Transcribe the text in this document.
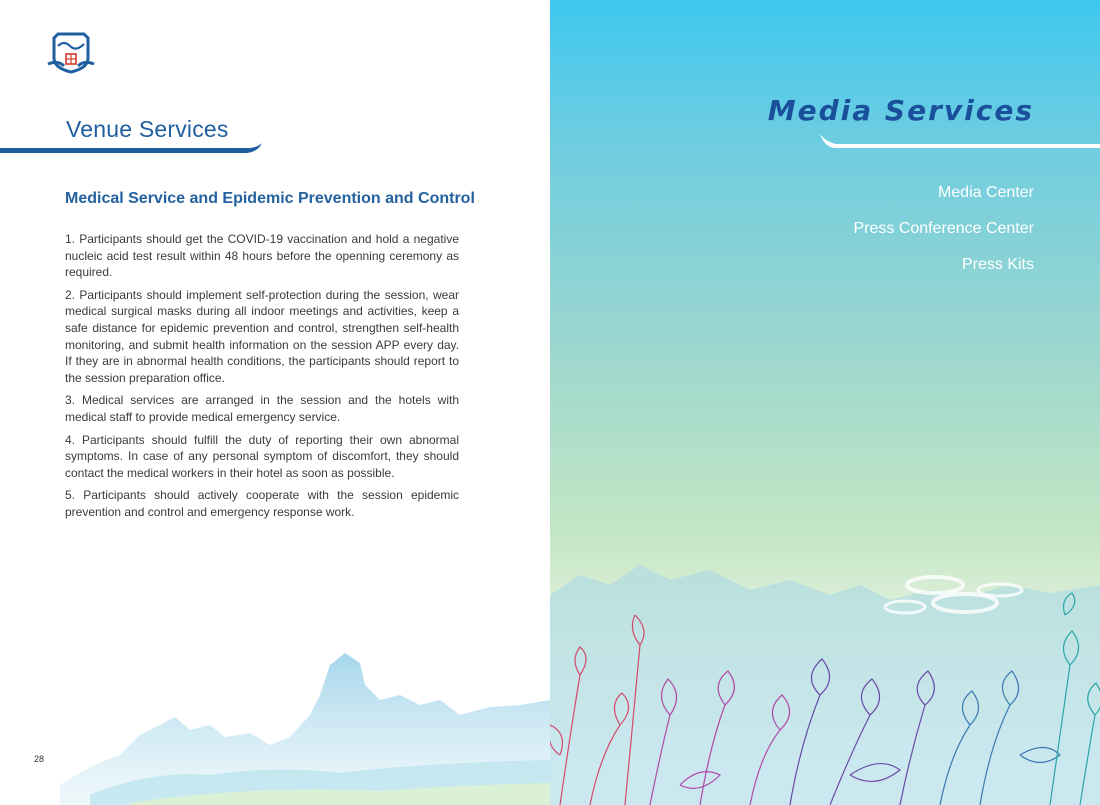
Venue Services
Medical Service and Epidemic Prevention and Control

1. Participants should get the COVID-19 vaccination and hold a negative nucleic acid test result within 48 hours before the openning ceremony as required.

2. Participants should implement self-protection during the session, wear medical surgical masks during all indoor meetings and activities, keep a safe distance for epidemic prevention and control, strengthen self-health monitoring, and submit health information on the session APP every day. If they are in abnormal health conditions, the participants should report to the session preparation office.

3. Medical services are arranged in the session and the hotels with medical staff to provide medical emergency service.

4. Participants should fulfill the duty of reporting their own abnormal symptoms. In case of any personal symptom of discomfort, they should contact the medical workers in their hotel as soon as possible.

5. Participants should actively cooperate with the session epidemic prevention and control and emergency response work.

28
Media Services
Media Center
Press Conference Center
Press Kits
